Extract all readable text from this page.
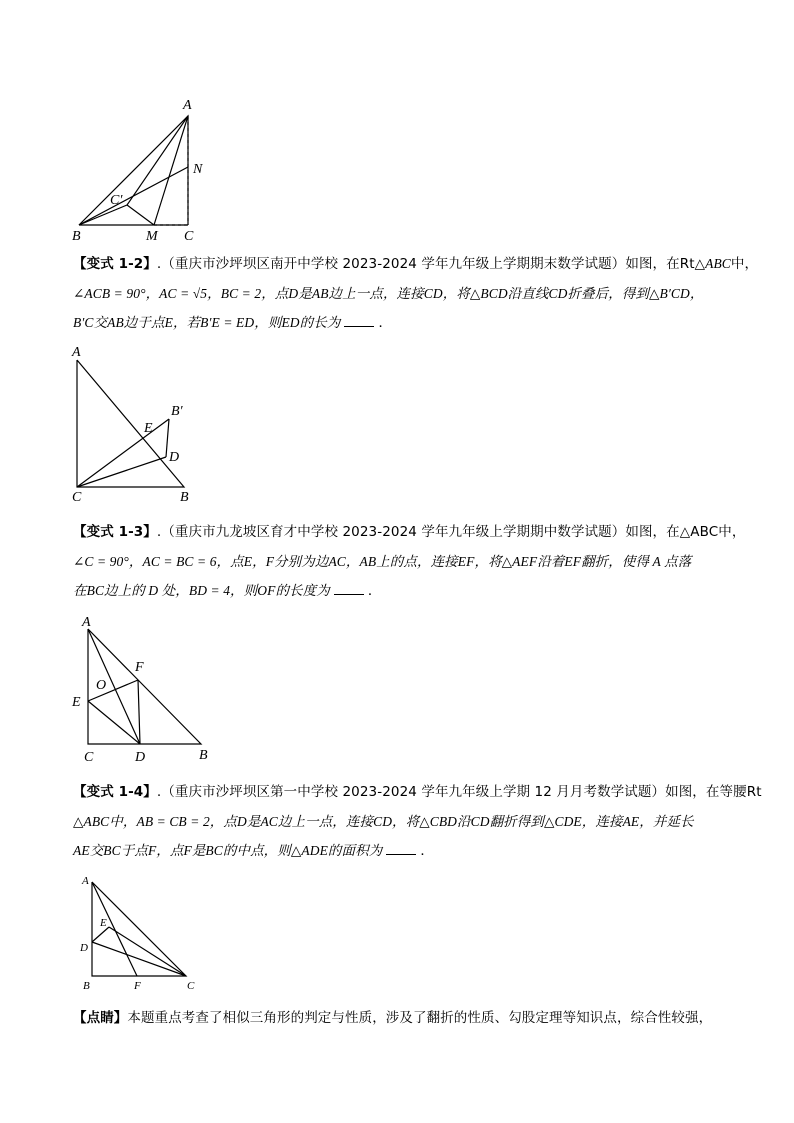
A
N
C′
B	M C

【变式 1-2】.（重庆市沙坪坝区南开中学校 2023-2024 学年九年级上学期期末数学试题）如图，在Rt△ABC中，

∠ACB = 90°，AC = √5，BC = 2，点D是AB边上一点，连接CD，将△BCD沿直线CD折叠后，得到△B′CD，

B′C交AB边于点E，若B′E = ED，则ED的长为	．

A
B′
E
D
C	B

【变式 1-3】.（重庆市九龙坡区育才中学校 2023-2024 学年九年级上学期期中数学试题）如图，在△ABC中，

∠C = 90°，AC = BC = 6，点E，F分别为边AC，AB上的点，连接EF，将△AEF沿着EF翻折，使得 A 点落

在BC边上的 D 处，BD = 4，则OF的长度为	．

A
F
O
E
C	D	B

【变式 1-4】.（重庆市沙坪坝区第一中学校 2023-2024 学年九年级上学期 12 月月考数学试题）如图，在等腰Rt

△ABC中，AB = CB = 2，点D是AC边上一点，连接CD，将△CBD沿CD翻折得到△CDE，连接AE，并延长

AE交BC于点F，点F是BC的中点，则△ADE的面积为	．

A
E
D
B	F	C

【点睛】本题重点考查了相似三角形的判定与性质，涉及了翻折的性质、勾股定理等知识点，综合性较强，
